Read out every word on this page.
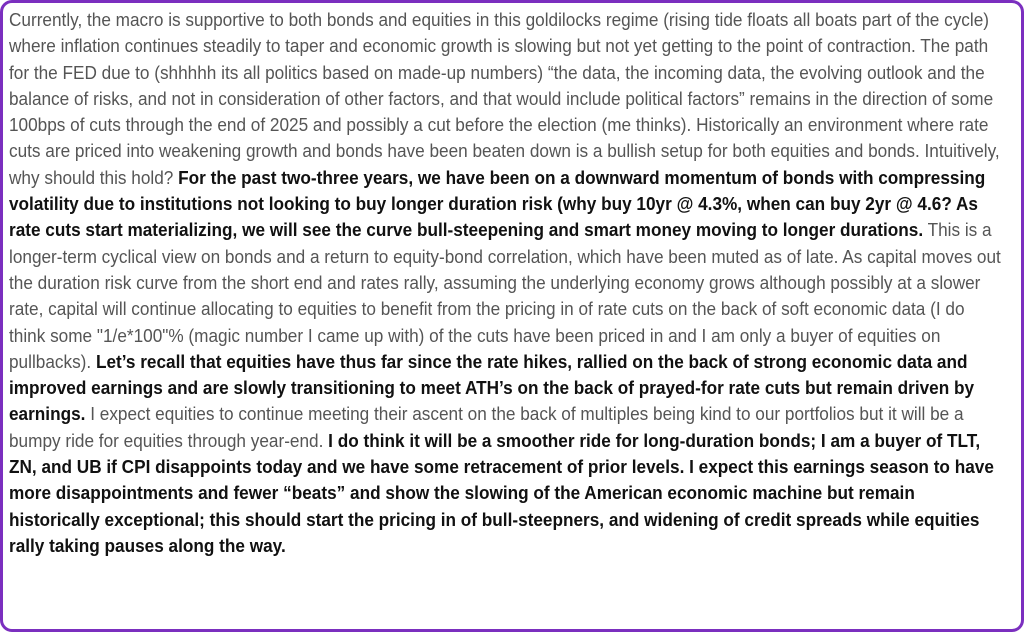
Currently, the macro is supportive to both bonds and equities in this goldilocks regime (rising tide floats all boats part of the cycle) where inflation continues steadily to taper and economic growth is slowing but not yet getting to the point of contraction. The path for the FED due to (shhhhh its all politics based on made-up numbers) “the data, the incoming data, the evolving outlook and the balance of risks, and not in consideration of other factors, and that would include political factors” remains in the direction of some 100bps of cuts through the end of 2025 and possibly a cut before the election (me thinks). Historically an environment where rate cuts are priced into weakening growth and bonds have been beaten down is a bullish setup for both equities and bonds. Intuitively, why should this hold? For the past two-three years, we have been on a downward momentum of bonds with compressing volatility due to institutions not looking to buy longer duration risk (why buy 10yr @ 4.3%, when can buy 2yr @ 4.6? As rate cuts start materializing, we will see the curve bull-steepening and smart money moving to longer durations. This is a longer-term cyclical view on bonds and a return to equity-bond correlation, which have been muted as of late. As capital moves out the duration risk curve from the short end and rates rally, assuming the underlying economy grows although possibly at a slower rate, capital will continue allocating to equities to benefit from the pricing in of rate cuts on the back of soft economic data (I do think some "1/e*100"% (magic number I came up with) of the cuts have been priced in and I am only a buyer of equities on pullbacks). Let’s recall that equities have thus far since the rate hikes, rallied on the back of strong economic data and improved earnings and are slowly transitioning to meet ATH’s on the back of prayed-for rate cuts but remain driven by earnings. I expect equities to continue meeting their ascent on the back of multiples being kind to our portfolios but it will be a bumpy ride for equities through year-end. I do think it will be a smoother ride for long-duration bonds; I am a buyer of TLT, ZN, and UB if CPI disappoints today and we have some retracement of prior levels. I expect this earnings season to have more disappointments and fewer “beats” and show the slowing of the American economic machine but remain historically exceptional; this should start the pricing in of bull-steepners, and widening of credit spreads while equities rally taking pauses along the way.
